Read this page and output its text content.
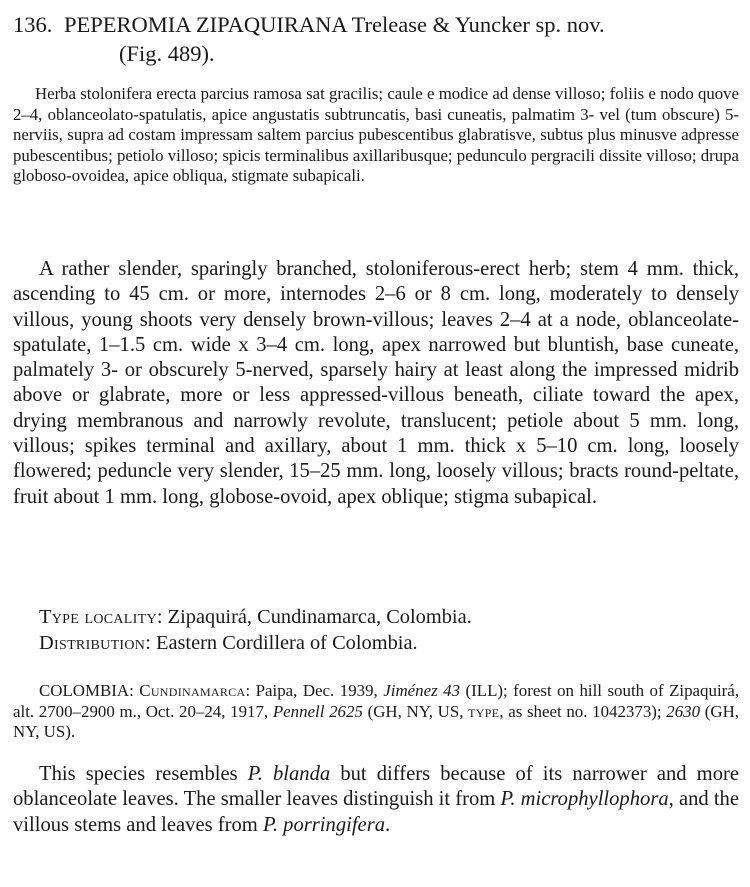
136. PEPEROMIA ZIPAQUIRANA Trelease & Yuncker sp. nov.
(Fig. 489).
Herba stolonifera erecta parcius ramosa sat gracilis; caule e modice ad dense villoso; foliis e nodo quove 2–4, oblanceolato-spatulatis, apice angustatis subtruncatis, basi cuneatis, palmatim 3- vel (tum obscure) 5-nerviis, supra ad costam impressam saltem parcius pubescentibus glabratisve, subtus plus minusve adpresse pubescentibus; petiolo villoso; spicis terminalibus axillaribusque; pedunculo pergracili dissite villoso; drupa globoso-ovoidea, apice obliqua, stigmate subapicali.

A rather slender, sparingly branched, stoloniferous-erect herb; stem 4 mm. thick, ascending to 45 cm. or more, internodes 2–6 or 8 cm. long, moderately to densely villous, young shoots very densely brown-villous; leaves 2–4 at a node, oblanceolate-spatulate, 1–1.5 cm. wide x 3–4 cm. long, apex narrowed but bluntish, base cuneate, palmately 3- or obscurely 5-nerved, sparsely hairy at least along the impressed midrib above or glabrate, more or less appressed-villous beneath, ciliate toward the apex, drying membranous and narrowly revolute, translucent; petiole about 5 mm. long, villous; spikes terminal and axillary, about 1 mm. thick x 5–10 cm. long, loosely flowered; peduncle very slender, 15–25 mm. long, loosely villous; bracts round-peltate, fruit about 1 mm. long, globose-ovoid, apex oblique; stigma subapical.

Type locality: Zipaquirá, Cundinamarca, Colombia.
Distribution: Eastern Cordillera of Colombia.

COLOMBIA: Cundinamarca: Paipa, Dec. 1939, Jiménez 43 (ILL); forest on hill south of Zipaquirá, alt. 2700–2900 m., Oct. 20–24, 1917, Pennell 2625 (GH, NY, US, type, as sheet no. 1042373); 2630 (GH, NY, US).

This species resembles P. blanda but differs because of its narrower and more oblanceolate leaves. The smaller leaves distinguish it from P. microphyllophora, and the villous stems and leaves from P. porringifera.
